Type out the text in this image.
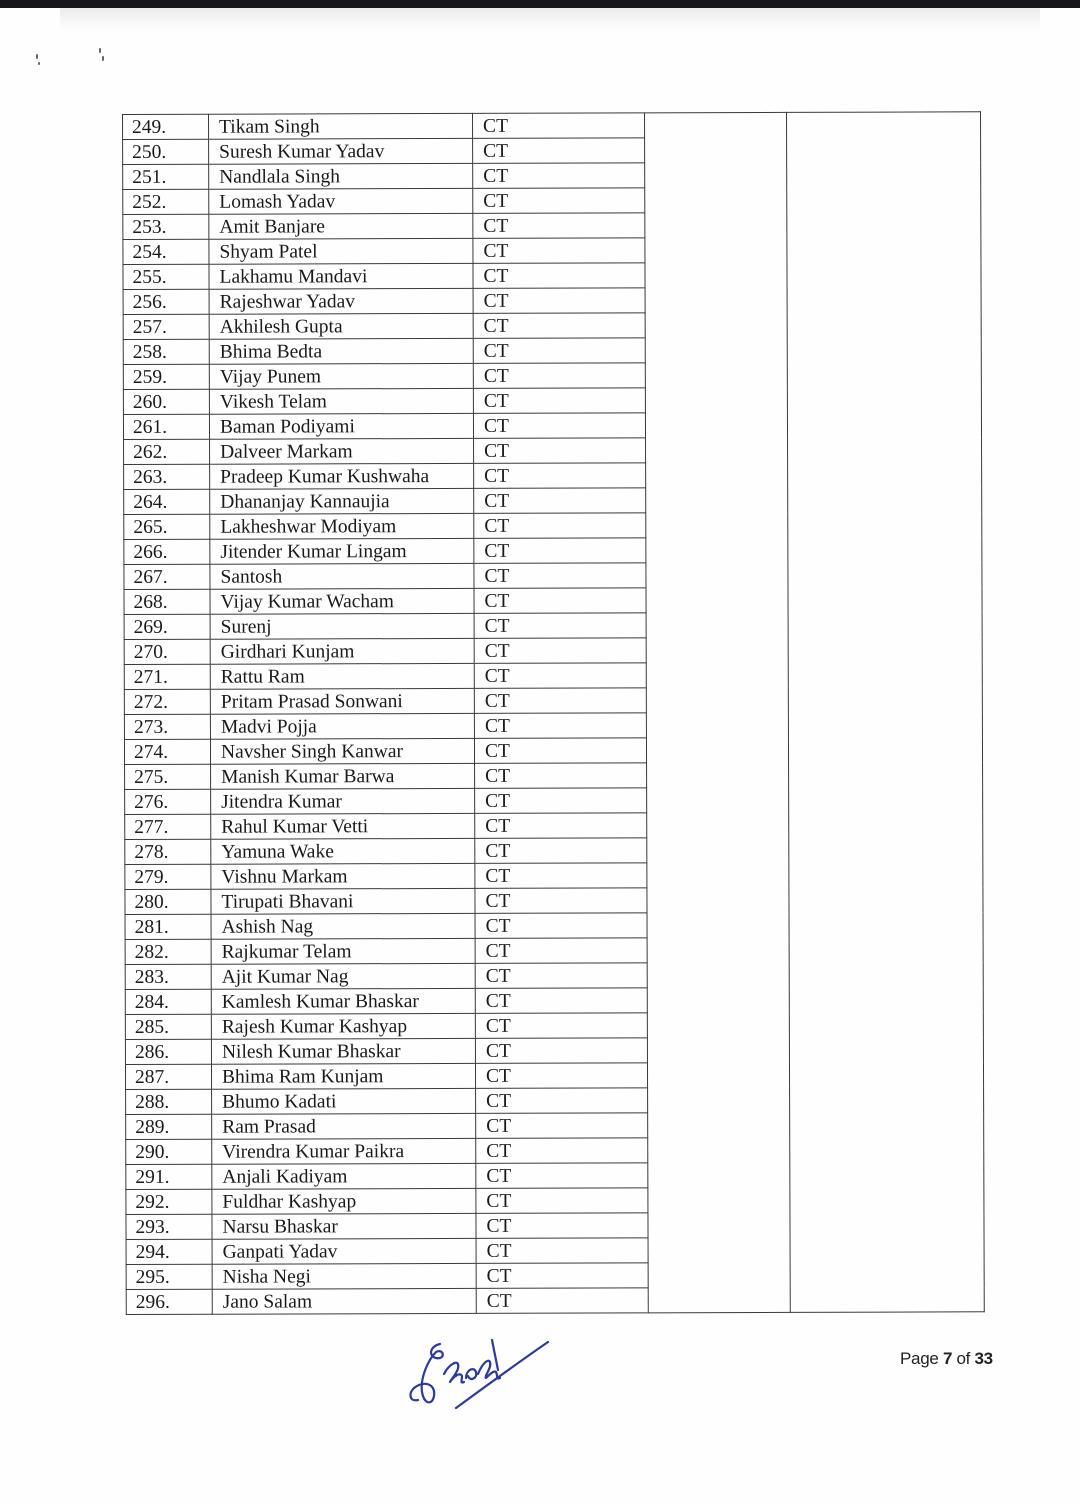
249.	Tikam Singh	CT		
250.	Suresh Kumar Yadav	CT		
251.	Nandlala Singh	CT		
252.	Lomash Yadav	CT		
253.	Amit Banjare	CT		
254.	Shyam Patel	CT		
255.	Lakhamu Mandavi	CT		
256.	Rajeshwar Yadav	CT		
257.	Akhilesh Gupta	CT		
258.	Bhima Bedta	CT		
259.	Vijay Punem	CT		
260.	Vikesh Telam	CT		
261.	Baman Podiyami	CT		
262.	Dalveer Markam	CT		
263.	Pradeep Kumar Kushwaha	CT		
264.	Dhananjay Kannaujia	CT		
265.	Lakheshwar Modiyam	CT		
266.	Jitender Kumar Lingam	CT		
267.	Santosh	CT		
268.	Vijay Kumar Wacham	CT		
269.	Surenj	CT		
270.	Girdhari Kunjam	CT		
271.	Rattu Ram	CT		
272.	Pritam Prasad Sonwani	CT		
273.	Madvi Pojja	CT		
274.	Navsher Singh Kanwar	CT		
275.	Manish Kumar Barwa	CT		
276.	Jitendra Kumar	CT		
277.	Rahul Kumar Vetti	CT		
278.	Yamuna Wake	CT		
279.	Vishnu Markam	CT		
280.	Tirupati Bhavani	CT		
281.	Ashish Nag	CT		
282.	Rajkumar Telam	CT		
283.	Ajit Kumar Nag	CT		
284.	Kamlesh Kumar Bhaskar	CT		
285.	Rajesh Kumar Kashyap	CT		
286.	Nilesh Kumar Bhaskar	CT		
287.	Bhima Ram Kunjam	CT		
288.	Bhumo Kadati	CT		
289.	Ram Prasad	CT		
290.	Virendra Kumar Paikra	CT		
291.	Anjali Kadiyam	CT		
292.	Fuldhar Kashyap	CT		
293.	Narsu Bhaskar	CT		
294.	Ganpati Yadav	CT		
295.	Nisha Negi	CT		
296.	Jano Salam	CT		
Page 7 of 33
